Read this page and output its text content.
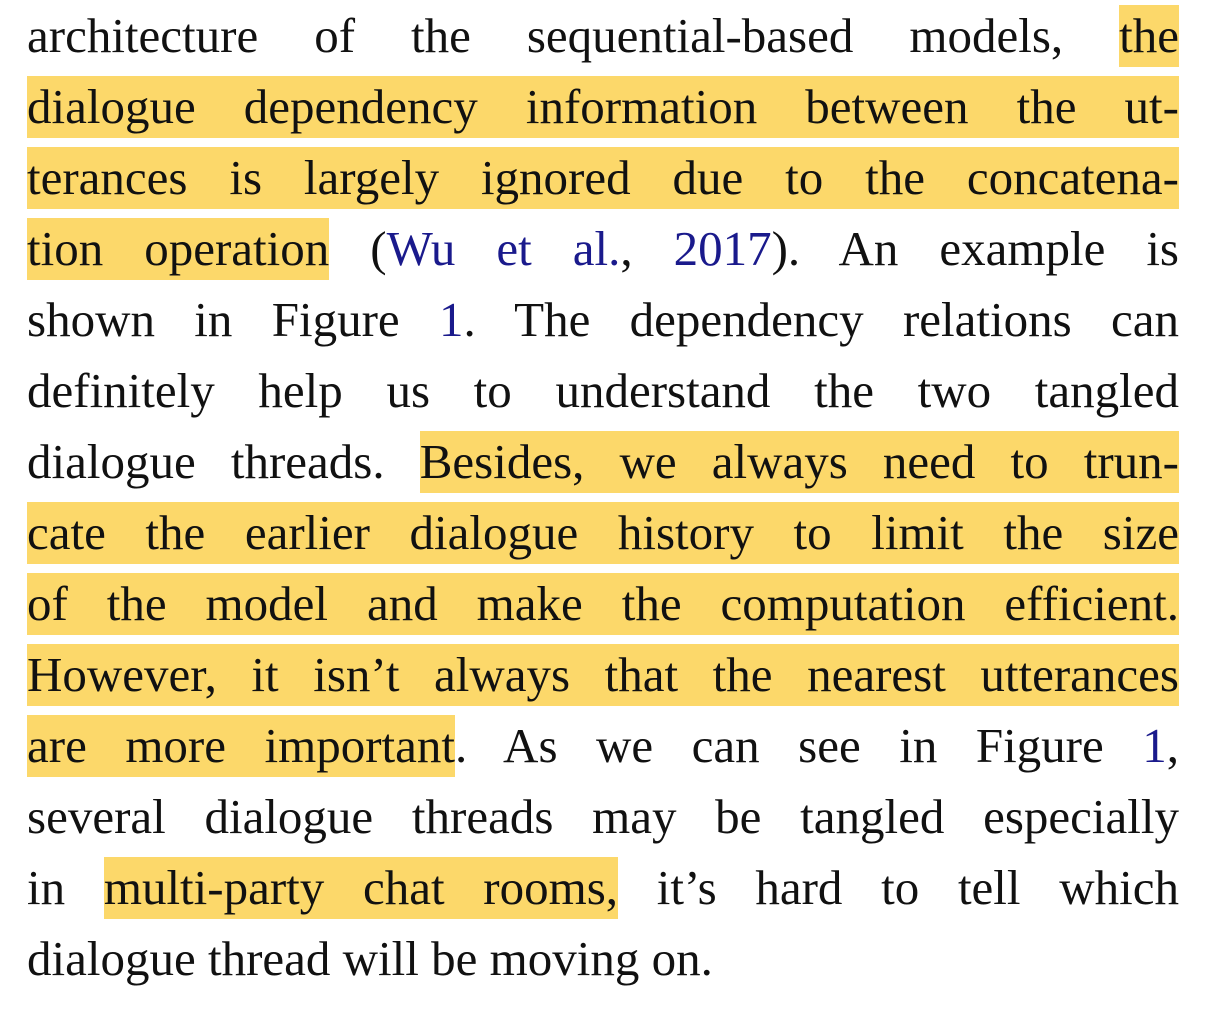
architecture of the sequential-based models, the
dialogue dependency information between the ut-
terances is largely ignored due to the concatena-
tion operation (Wu et al., 2017). An example is
shown in Figure 1. The dependency relations can
definitely help us to understand the two tangled
dialogue threads. Besides, we always need to trun-
cate the earlier dialogue history to limit the size
of the model and make the computation efficient.
However, it isn’t always that the nearest utterances
are more important. As we can see in Figure 1,
several dialogue threads may be tangled especially
in multi-party chat rooms, it’s hard to tell which
dialogue thread will be moving on.
